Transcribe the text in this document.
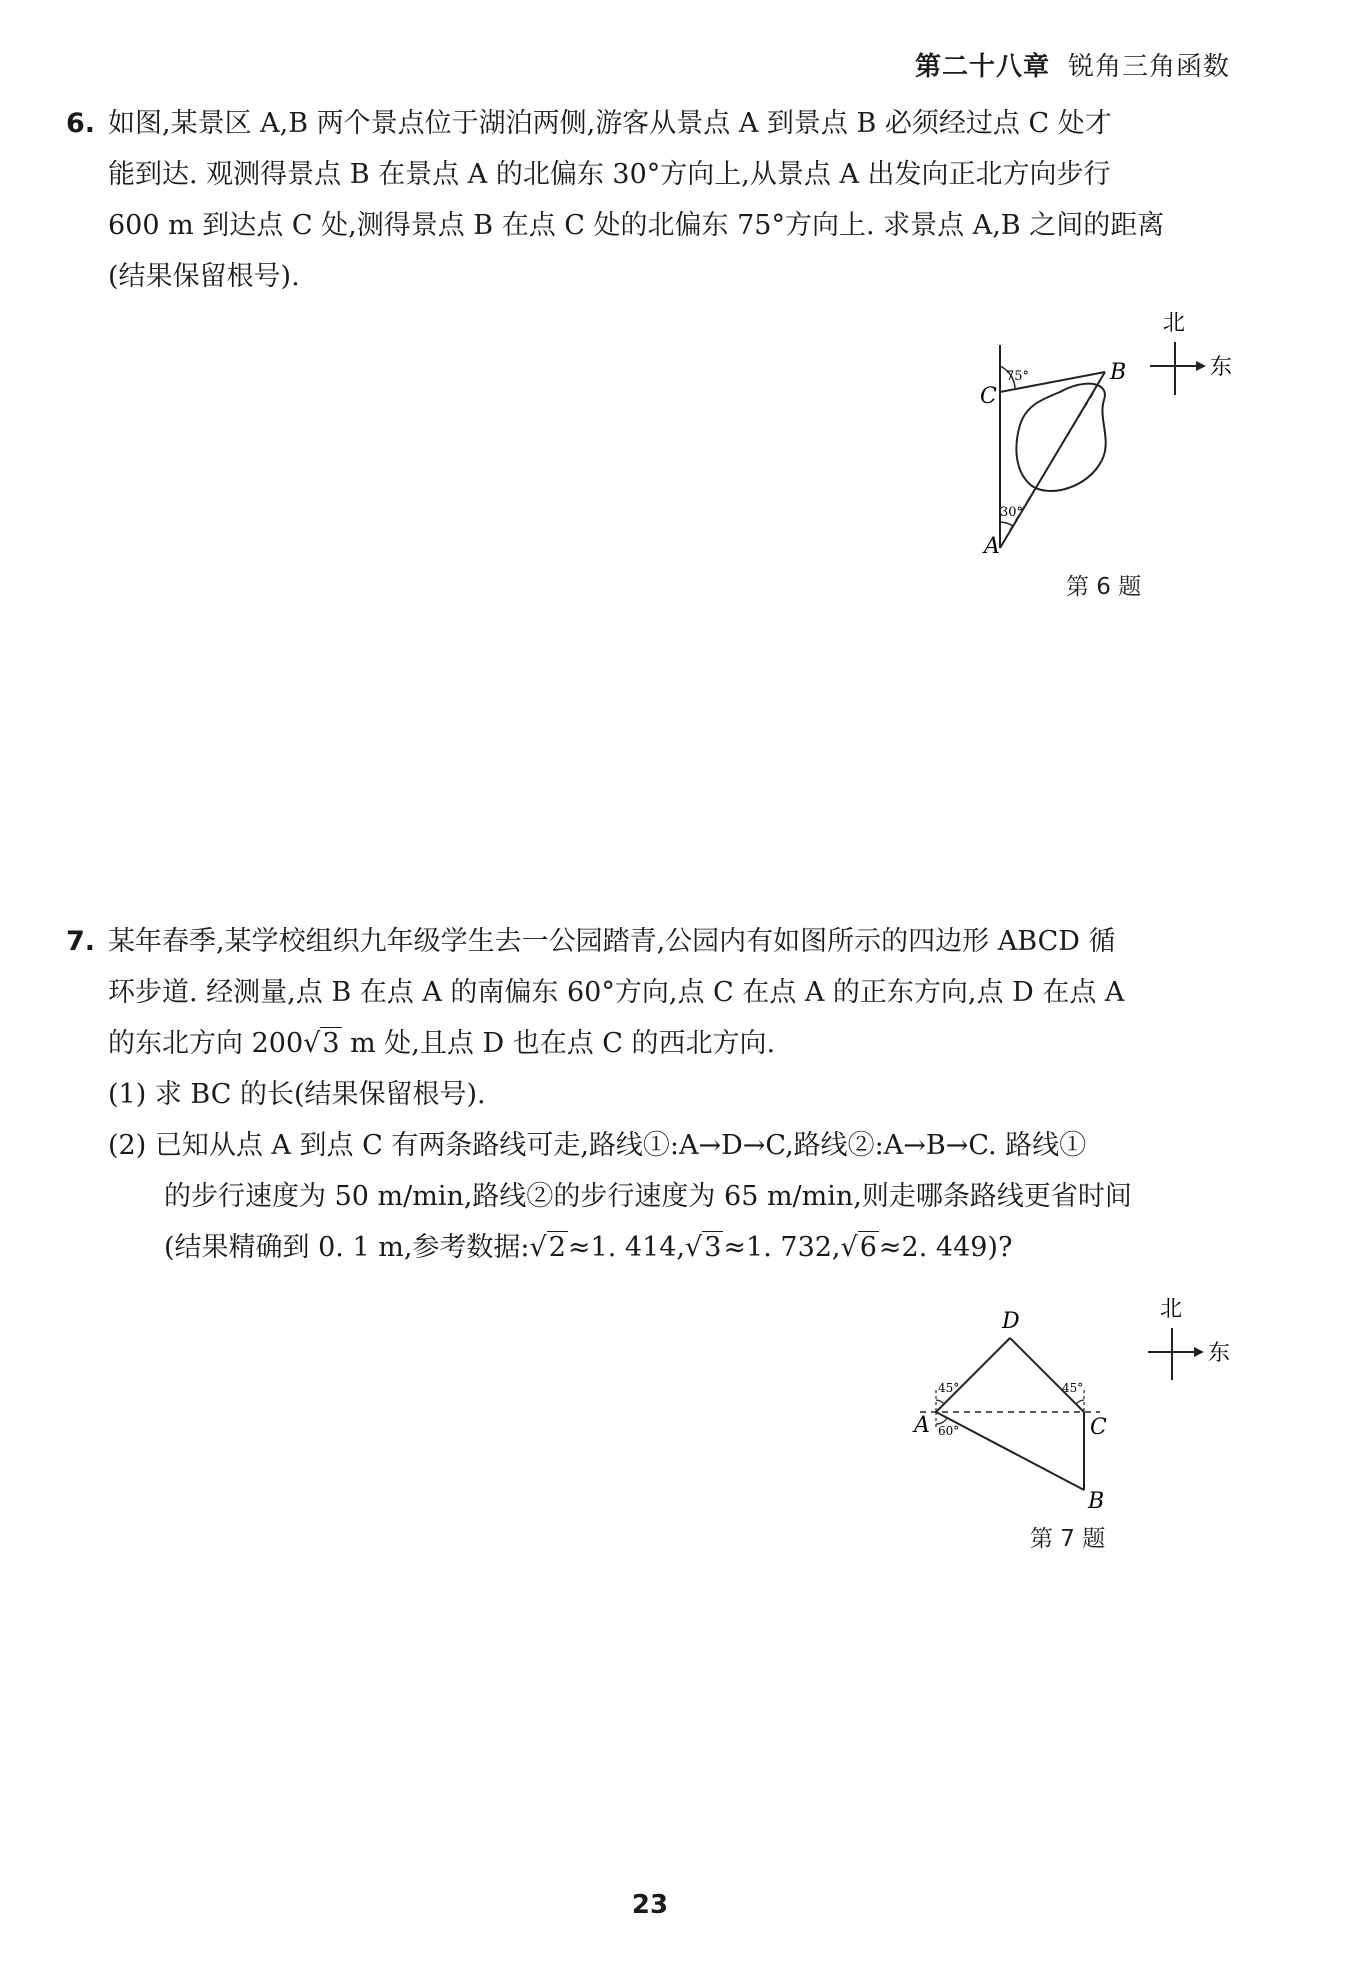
第二十八章 锐角三角函数

6. 如图,某景区 A,B 两个景点位于湖泊两侧,游客从景点 A 到景点 B 必须经过点 C 处才

能到达. 观测得景点 B 在景点 A 的北偏东 30°方向上,从景点 A 出发向正北方向步行

600 m 到达点 C 处,测得景点 B 在点 C 处的北偏东 75°方向上. 求景点 A,B 之间的距离

(结果保留根号).

75°
30°
C
B
A
北
东
第 6 题

7. 某年春季,某学校组织九年级学生去一公园踏青,公园内有如图所示的四边形 ABCD 循

环步道. 经测量,点 B 在点 A 的南偏东 60°方向,点 C 在点 A 的正东方向,点 D 在点 A

的东北方向 200√3 m 处,且点 D 也在点 C 的西北方向.

(1) 求 BC 的长(结果保留根号).

(2) 已知从点 A 到点 C 有两条路线可走,路线①:A→D→C,路线②:A→B→C. 路线①

的步行速度为 50 m/min,路线②的步行速度为 65 m/min,则走哪条路线更省时间

(结果精确到 0. 1 m,参考数据:√2≈1. 414,√3≈1. 732,√6≈2. 449)?

45°	45°
60°
D
A	C
B
北
东
第 7 题
23
